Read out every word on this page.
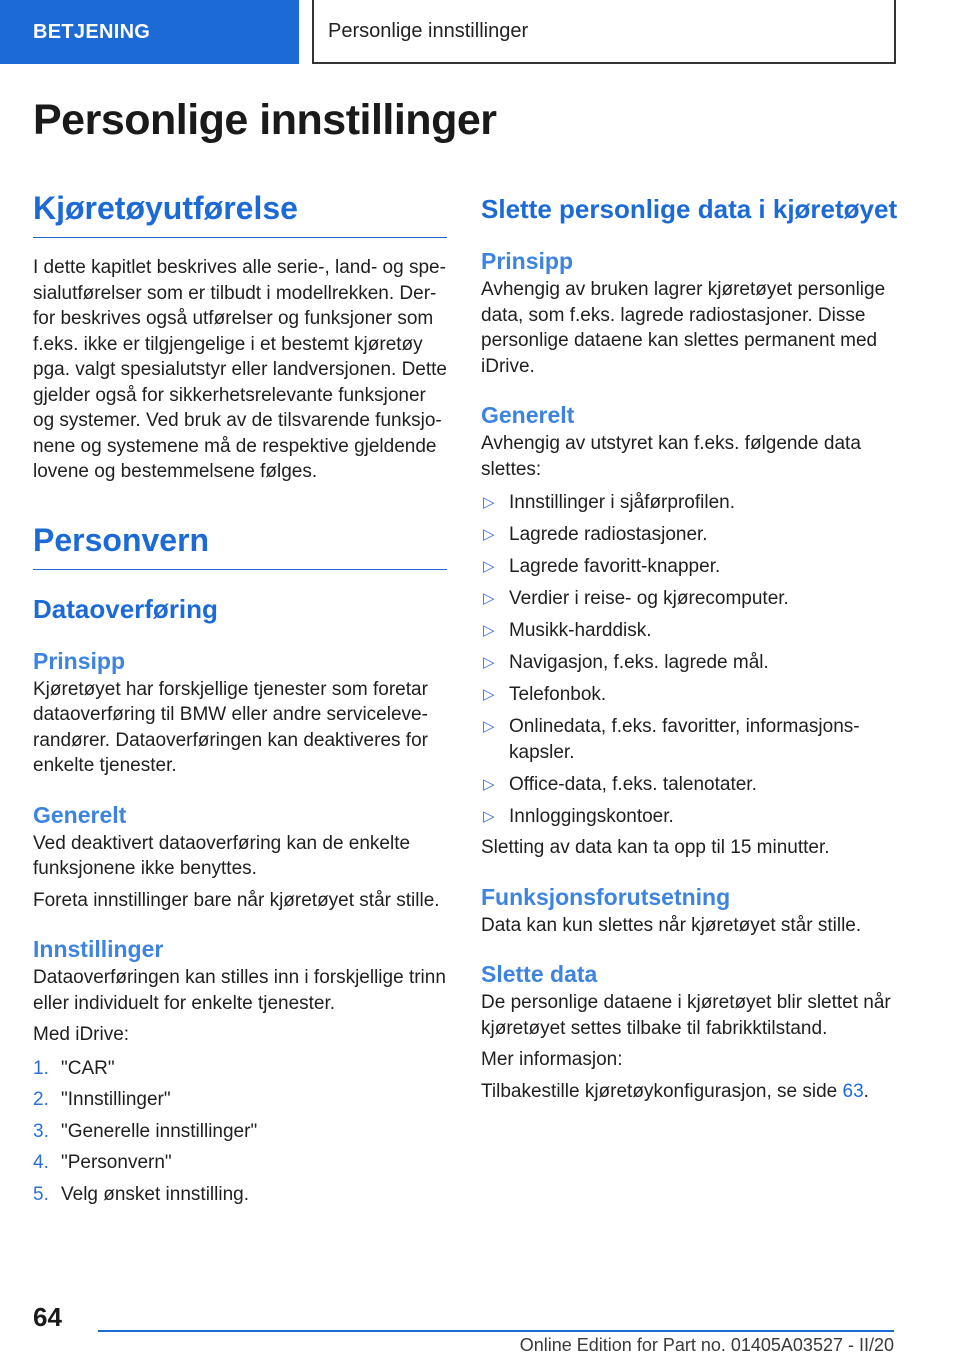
BETJENING	Personlige innstillinger
Personlige innstillinger
Kjøretøyutførelse

I dette kapitlet beskrives alle serie-, land- og spesialutførelser som er tilbudt i modellrekken. Derfor beskrives også utførelser og funksjoner som f.eks. ikke er tilgjengelige i et bestemt kjøretøy pga. valgt spesialutstyr eller landversjonen. Dette gjelder også for sikkerhetsrelevante funksjoner og systemer. Ved bruk av de tilsvarende funksjonene og systemene må de respektive gjeldende lovene og bestemmelsene følges.

Personvern
Dataoverføring
Prinsipp

Kjøretøyet har forskjellige tjenester som foretar dataoverføring til BMW eller andre serviceleverandører. Dataoverføringen kan deaktiveres for enkelte tjenester.

Generelt

Ved deaktivert dataoverføring kan de enkelte funksjonene ikke benyttes.

Foreta innstillinger bare når kjøretøyet står stille.

Innstillinger

Dataoverføringen kan stilles inn i forskjellige trinn eller individuelt for enkelte tjenester.

Med iDrive:

1. "CAR"
2. "Innstillinger"
3. "Generelle innstillinger"
4. "Personvern"
5. Velg ønsket innstilling.
Slette personlige data i kjøretøyet
Prinsipp

Avhengig av bruken lagrer kjøretøyet personlige data, som f.eks. lagrede radiostasjoner. Disse personlige dataene kan slettes permanent med iDrive.

Generelt

Avhengig av utstyret kan f.eks. følgende data slettes:

▷ Innstillinger i sjåførprofilen.
▷ Lagrede radiostasjoner.
▷ Lagrede favoritt-knapper.
▷ Verdier i reise- og kjørecomputer.
▷ Musikk-harddisk.
▷ Navigasjon, f.eks. lagrede mål.
▷ Telefonbok.
▷ Onlinedata, f.eks. favoritter, informasjonskapsler.
▷ Office-data, f.eks. talenotater.
▷ Innloggingskontoer.

Sletting av data kan ta opp til 15 minutter.

Funksjonsforutsetning

Data kan kun slettes når kjøretøyet står stille.

Slette data

De personlige dataene i kjøretøyet blir slettet når kjøretøyet settes tilbake til fabrikktilstand.

Mer informasjon:

Tilbakestille kjøretøykonfigurasjon, se side 63.

64
Online Edition for Part no. 01405A03527 - II/20
